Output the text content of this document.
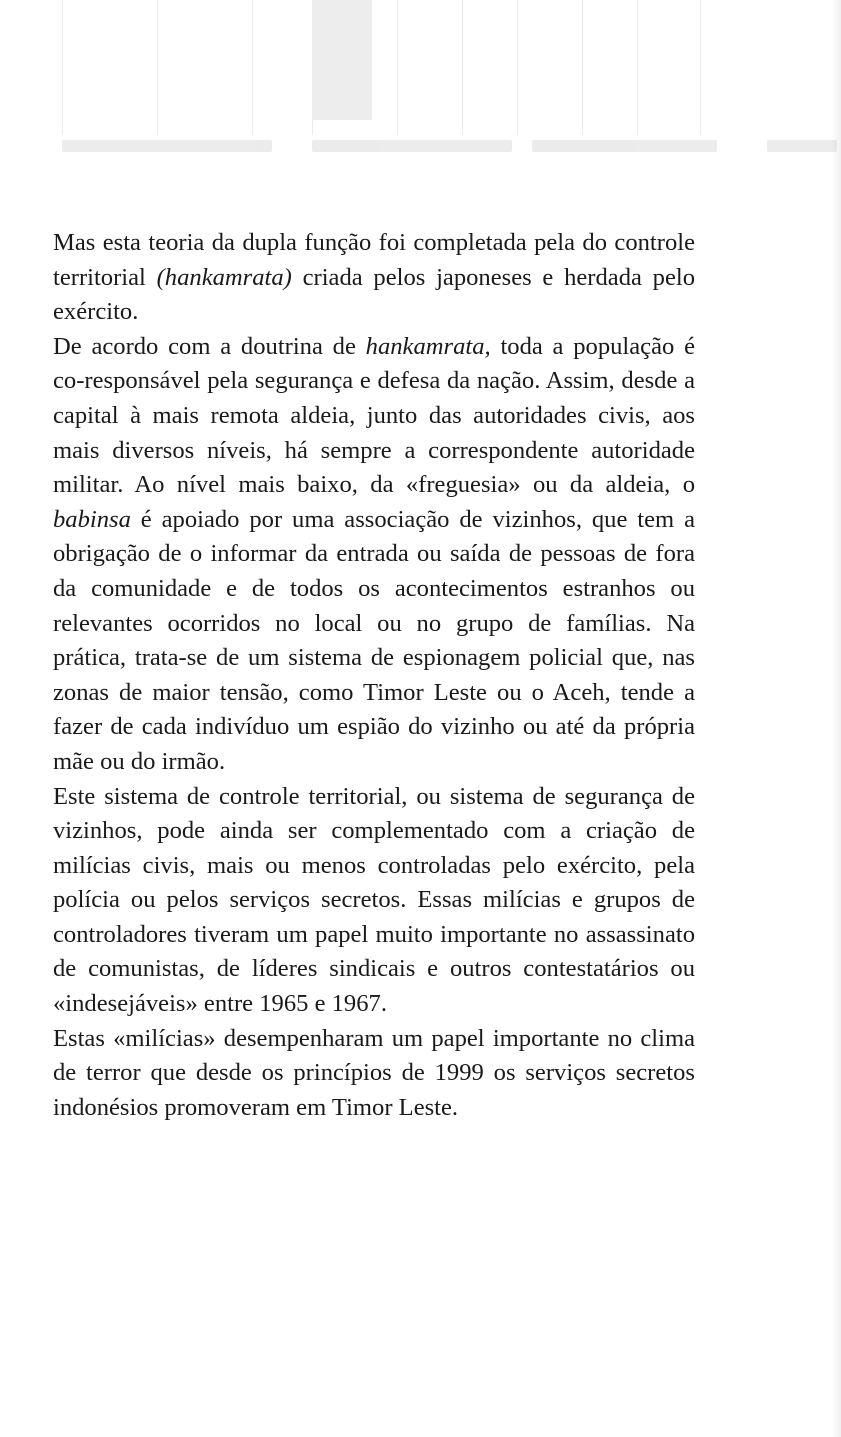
Mas esta teoria da dupla função foi completada pela do controle territorial (hankamrata) criada pelos japoneses e herdada pelo exército.

De acordo com a doutrina de hankamrata, toda a população é co-responsável pela segurança e defesa da nação. Assim, desde a capital à mais remota aldeia, junto das autoridades civis, aos mais diversos níveis, há sempre a correspondente autoridade militar. Ao nível mais baixo, da «freguesia» ou da aldeia, o babinsa é apoiado por uma associação de vizinhos, que tem a obrigação de o informar da entrada ou saída de pessoas de fora da comunidade e de todos os acontecimentos estranhos ou relevantes ocorridos no local ou no grupo de famílias. Na prática, trata-se de um sistema de espionagem policial que, nas zonas de maior tensão, como Timor Leste ou o Aceh, tende a fazer de cada indivíduo um espião do vizinho ou até da própria mãe ou do irmão.

Este sistema de controle territorial, ou sistema de segurança de vizinhos, pode ainda ser complementado com a criação de milícias civis, mais ou menos controladas pelo exército, pela polícia ou pelos serviços secretos. Essas milícias e grupos de controladores tiveram um papel muito importante no assassinato de comunistas, de líderes sindicais e outros contestatários ou «indesejáveis» entre 1965 e 1967.

Estas «milícias» desempenharam um papel importante no clima de terror que desde os princípios de 1999 os serviços secretos indonésios promoveram em Timor Leste.
